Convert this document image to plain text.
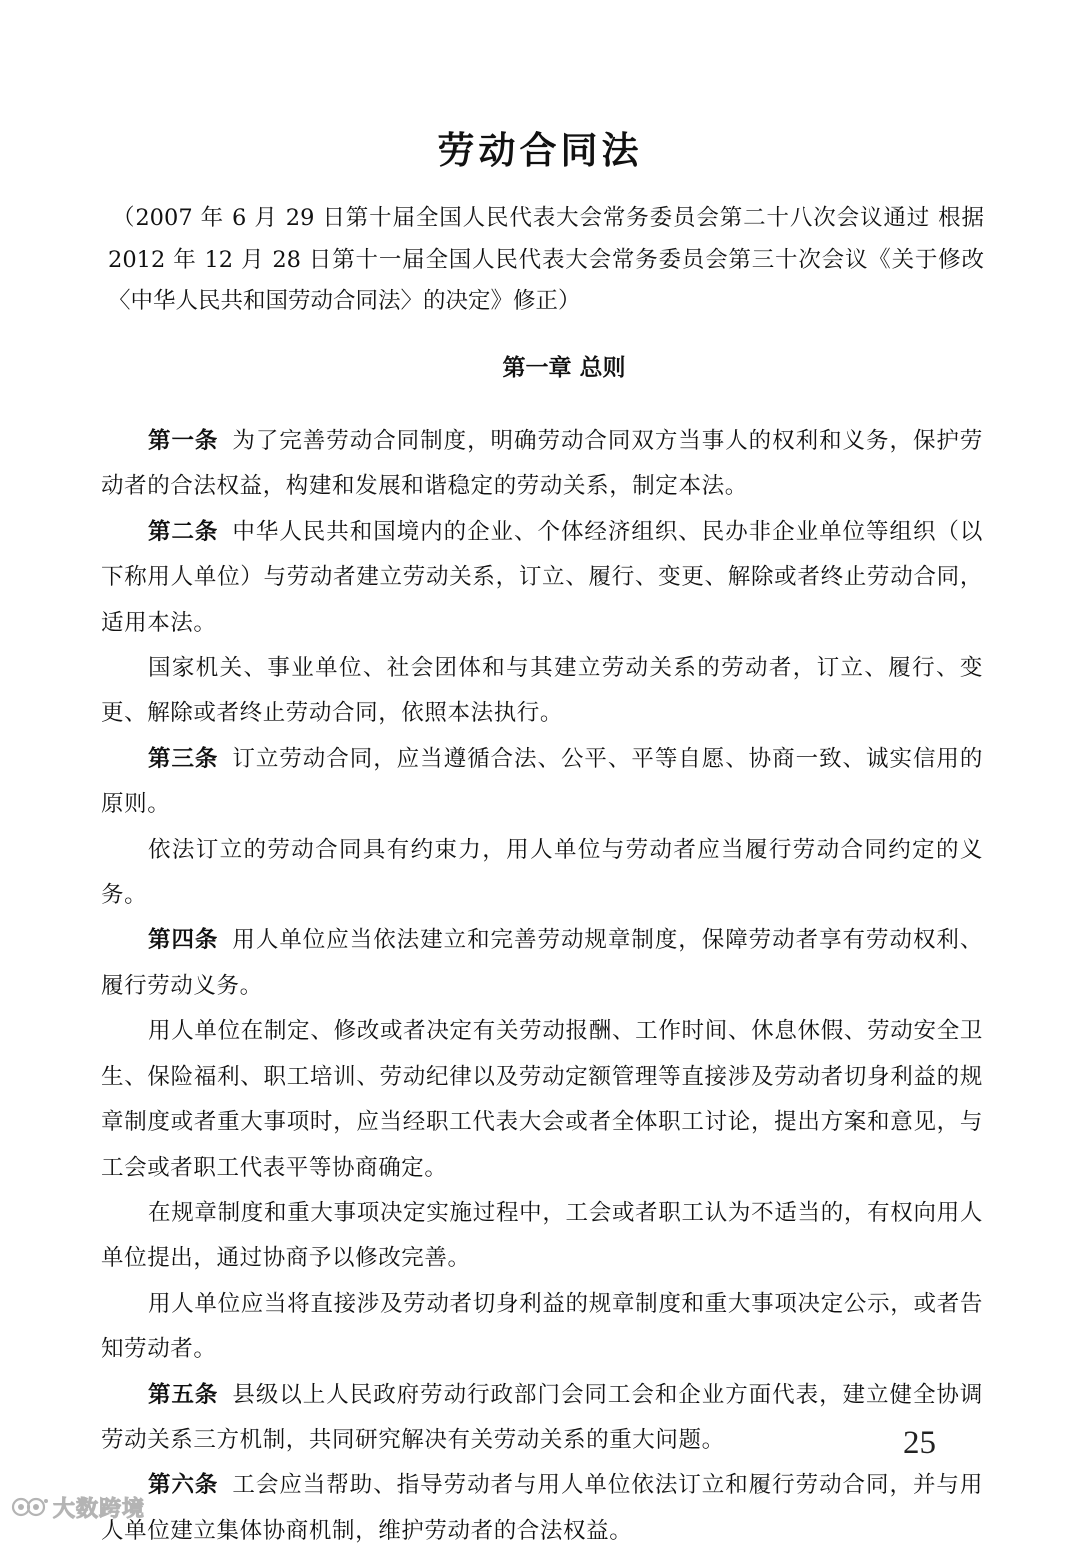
劳动合同法
（2007 年 6 月 29 日第十届全国人民代表大会常务委员会第二十八次会议通过 根据 2012 年 12 月 28 日第十一届全国人民代表大会常务委员会第三十次会议《关于修改〈中华人民共和国劳动合同法〉的决定》修正）
第一章 总则

第一条 为了完善劳动合同制度，明确劳动合同双方当事人的权利和义务，保护劳动者的合法权益，构建和发展和谐稳定的劳动关系，制定本法。

第二条 中华人民共和国境内的企业、个体经济组织、民办非企业单位等组织（以下称用人单位）与劳动者建立劳动关系，订立、履行、变更、解除或者终止劳动合同，适用本法。

国家机关、事业单位、社会团体和与其建立劳动关系的劳动者，订立、履行、变更、解除或者终止劳动合同，依照本法执行。

第三条 订立劳动合同，应当遵循合法、公平、平等自愿、协商一致、诚实信用的原则。

依法订立的劳动合同具有约束力，用人单位与劳动者应当履行劳动合同约定的义务。

第四条 用人单位应当依法建立和完善劳动规章制度，保障劳动者享有劳动权利、履行劳动义务。

用人单位在制定、修改或者决定有关劳动报酬、工作时间、休息休假、劳动安全卫生、保险福利、职工培训、劳动纪律以及劳动定额管理等直接涉及劳动者切身利益的规章制度或者重大事项时，应当经职工代表大会或者全体职工讨论，提出方案和意见，与工会或者职工代表平等协商确定。

在规章制度和重大事项决定实施过程中，工会或者职工认为不适当的，有权向用人单位提出，通过协商予以修改完善。

用人单位应当将直接涉及劳动者切身利益的规章制度和重大事项决定公示，或者告知劳动者。

第五条 县级以上人民政府劳动行政部门会同工会和企业方面代表，建立健全协调劳动关系三方机制，共同研究解决有关劳动关系的重大问题。

第六条 工会应当帮助、指导劳动者与用人单位依法订立和履行劳动合同，并与用人单位建立集体协商机制，维护劳动者的合法权益。

25
大数跨境
